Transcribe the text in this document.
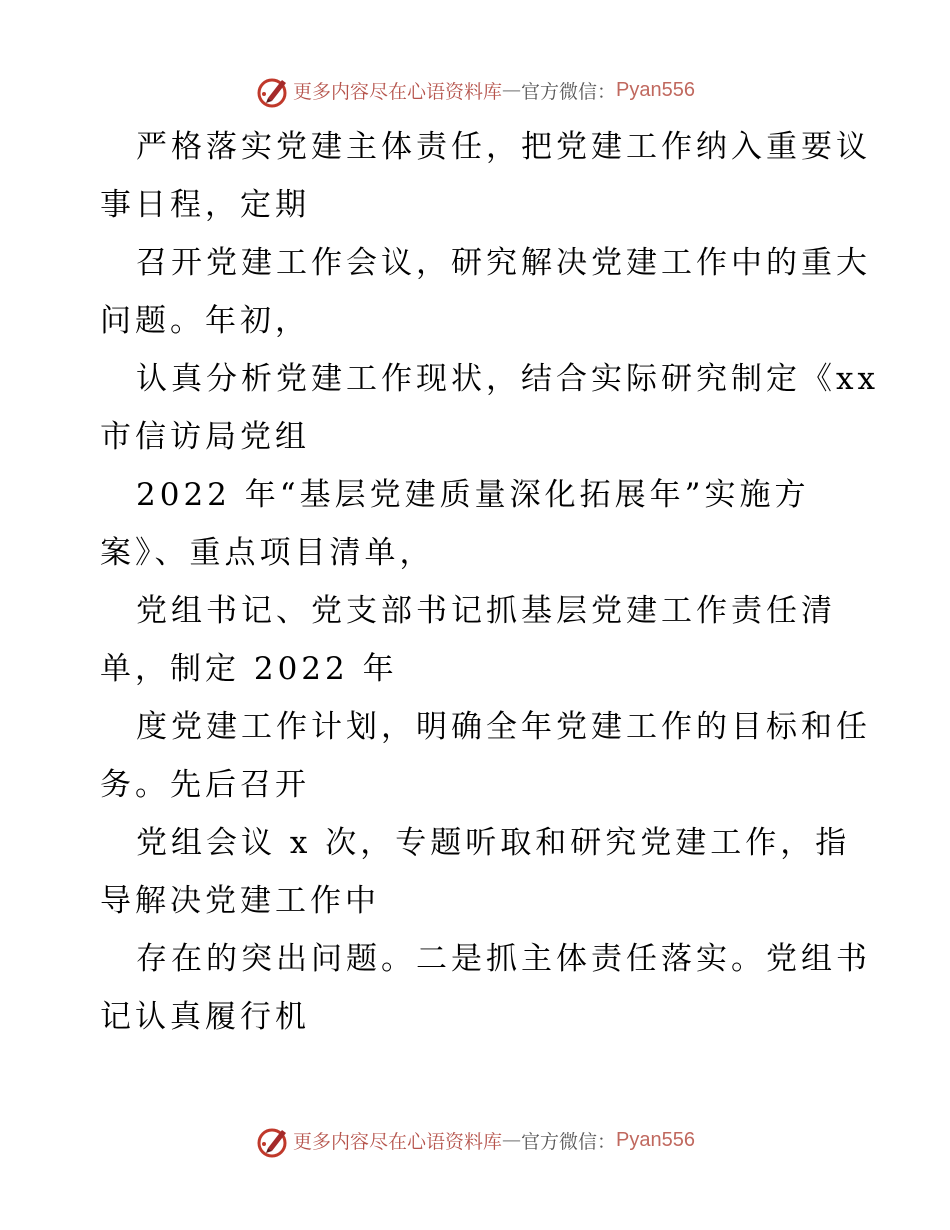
更多内容尽在心语资料库 — 官方微信： Pyan556
严格落实党建主体责任，把党建工作纳入重要议
事日程，定期
召开党建工作会议，研究解决党建工作中的重大
问题。年初，
认真分析党建工作现状，结合实际研究制定《xx
市信访局党组
2022 年“基层党建质量深化拓展年”实施方
案》、重点项目清单，
党组书记、党支部书记抓基层党建工作责任清
单，制定 2022 年
度党建工作计划，明确全年党建工作的目标和任
务。先后召开
党组会议 x 次，专题听取和研究党建工作，指
导解决党建工作中
存在的突出问题。二是抓主体责任落实。党组书
记认真履行机
更多内容尽在心语资料库 — 官方微信： Pyan556
